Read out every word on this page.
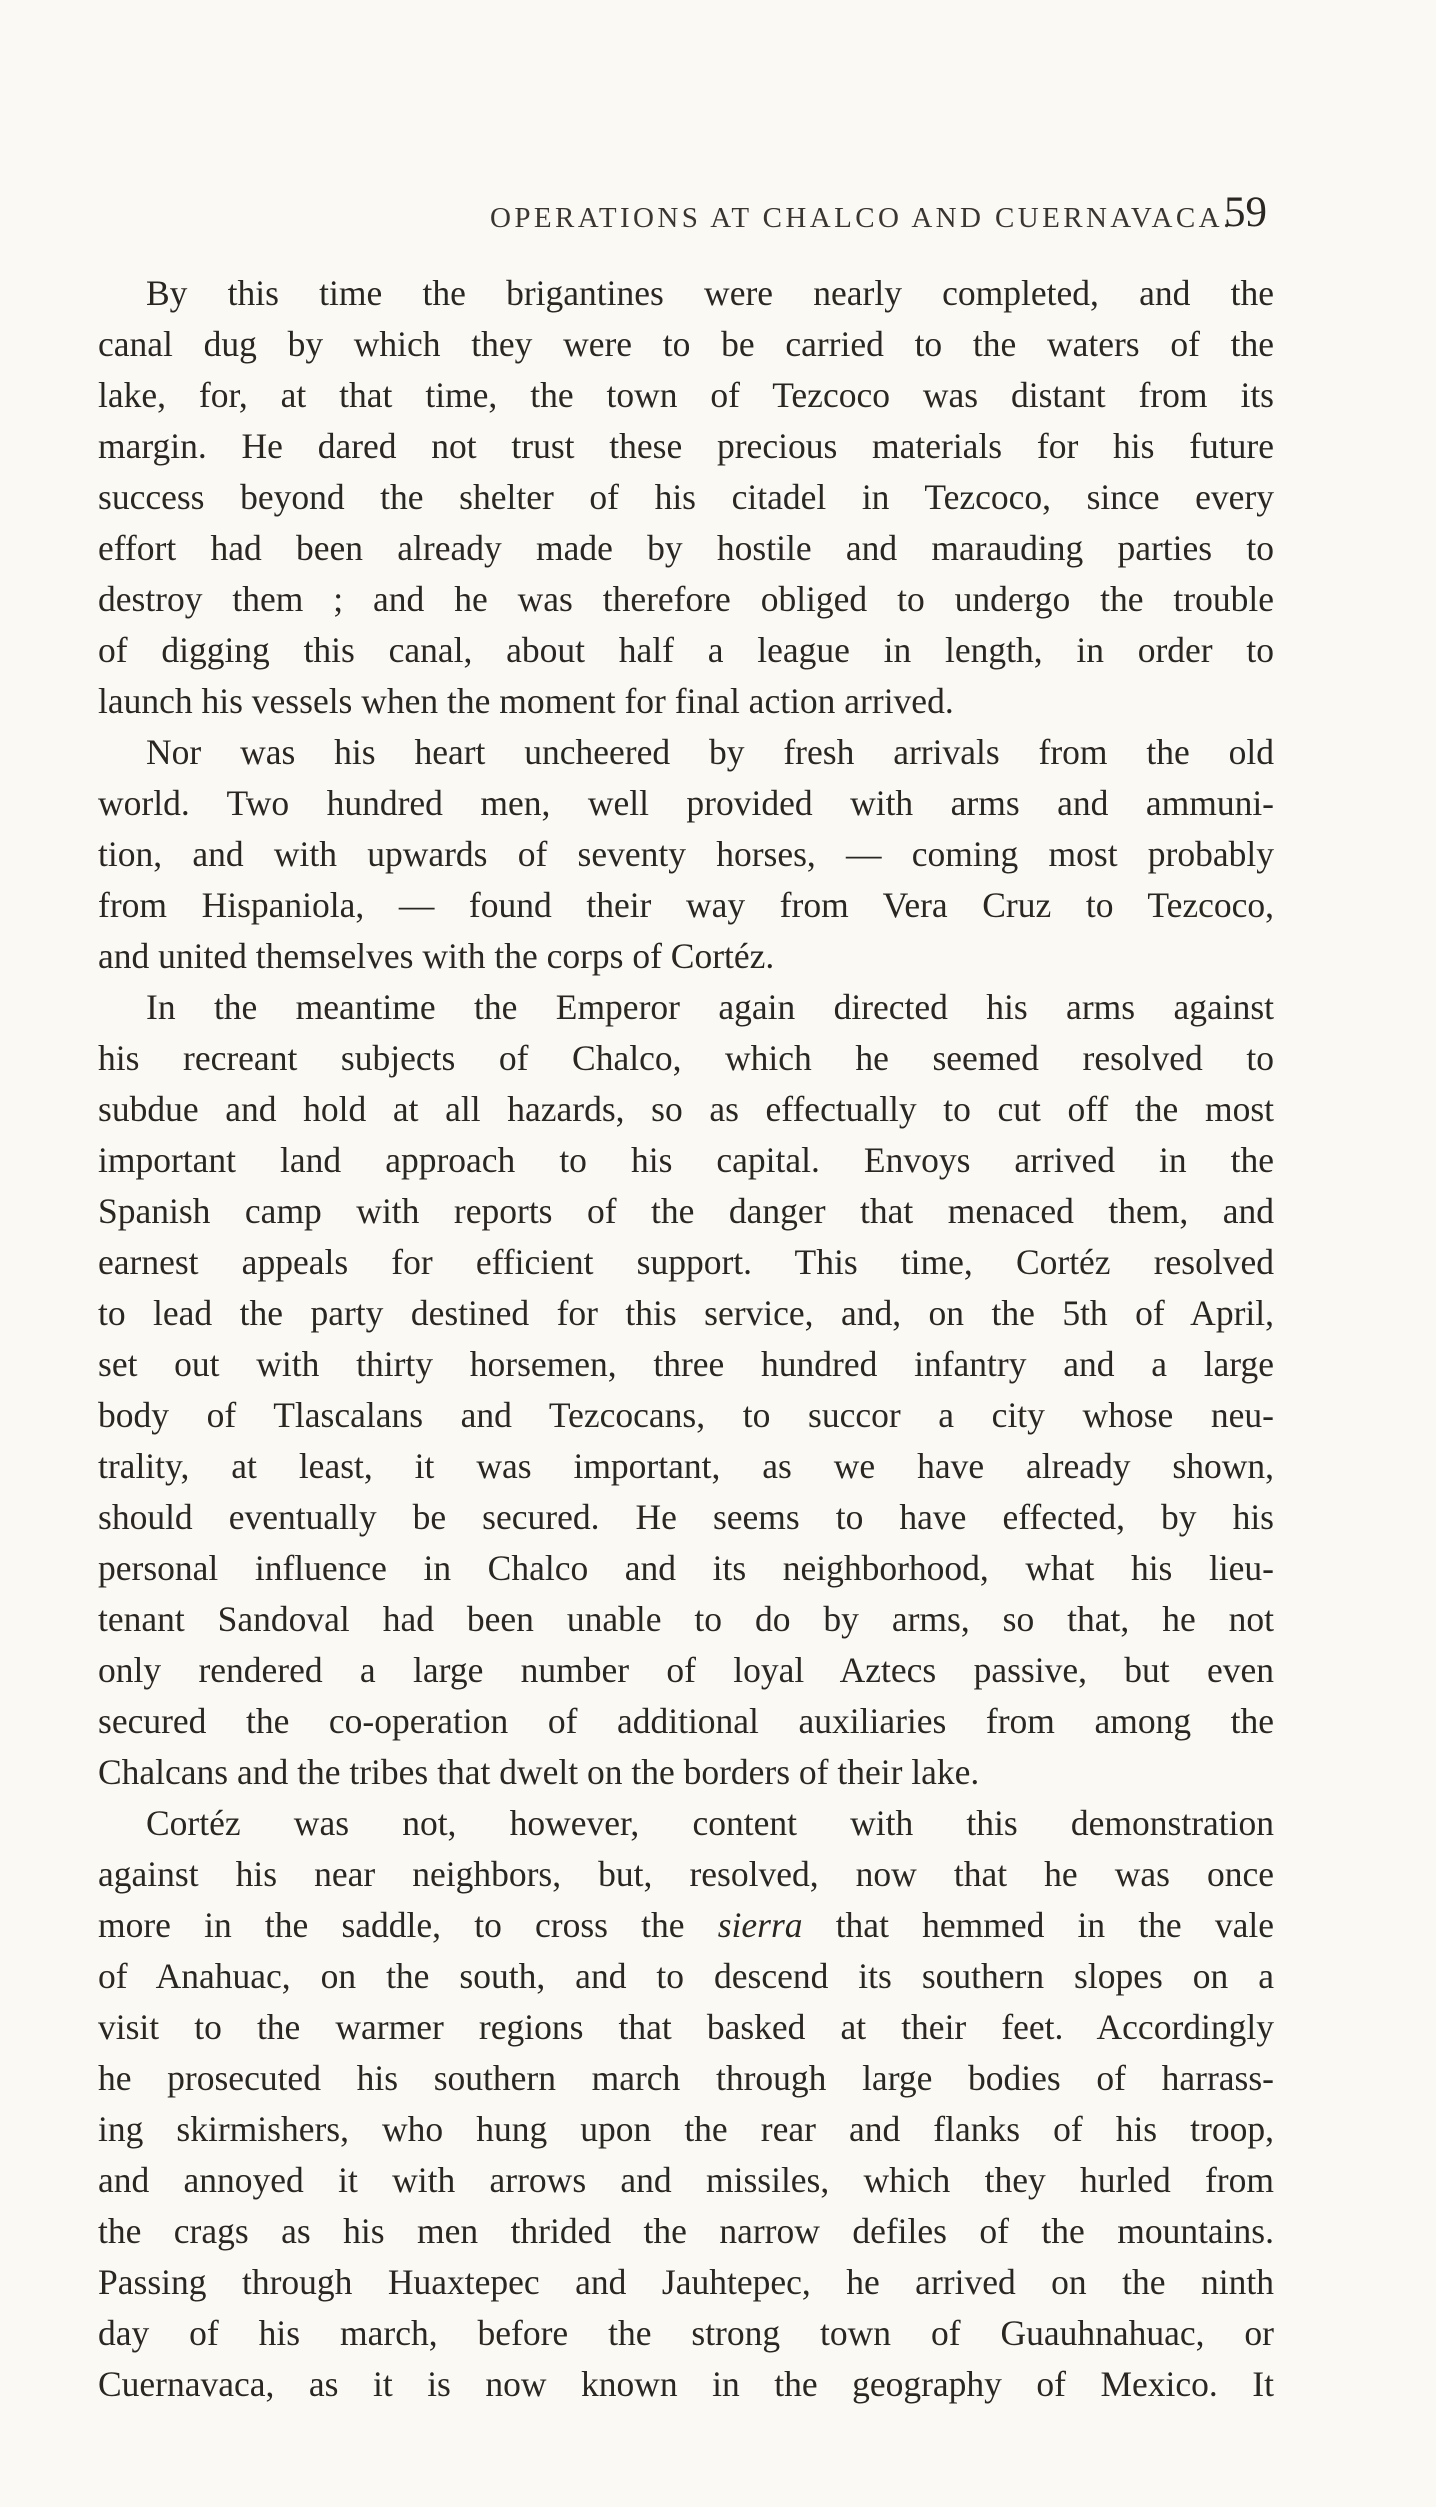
OPERATIONS AT CHALCO AND CUERNAVACA.
59
By this time the brigantines were nearly completed, and the
canal dug by which they were to be carried to the waters of the
lake, for, at that time, the town of Tezcoco was distant from its
margin. He dared not trust these precious materials for his future
success beyond the shelter of his citadel in Tezcoco, since every
effort had been already made by hostile and marauding parties to
destroy them ; and he was therefore obliged to undergo the trouble
of digging this canal, about half a league in length, in order to
launch his vessels when the moment for final action arrived.
Nor was his heart uncheered by fresh arrivals from the old
world. Two hundred men, well provided with arms and ammuni-
tion, and with upwards of seventy horses, — coming most probably
from Hispaniola, — found their way from Vera Cruz to Tezcoco,
and united themselves with the corps of Cortéz.
In the meantime the Emperor again directed his arms against
his recreant subjects of Chalco, which he seemed resolved to
subdue and hold at all hazards, so as effectually to cut off the most
important land approach to his capital. Envoys arrived in the
Spanish camp with reports of the danger that menaced them, and
earnest appeals for efficient support. This time, Cortéz resolved
to lead the party destined for this service, and, on the 5th of April,
set out with thirty horsemen, three hundred infantry and a large
body of Tlascalans and Tezcocans, to succor a city whose neu-
trality, at least, it was important, as we have already shown,
should eventually be secured. He seems to have effected, by his
personal influence in Chalco and its neighborhood, what his lieu-
tenant Sandoval had been unable to do by arms, so that, he not
only rendered a large number of loyal Aztecs passive, but even
secured the co-operation of additional auxiliaries from among the
Chalcans and the tribes that dwelt on the borders of their lake.
Cortéz was not, however, content with this demonstration
against his near neighbors, but, resolved, now that he was once
more in the saddle, to cross the sierra that hemmed in the vale
of Anahuac, on the south, and to descend its southern slopes on a
visit to the warmer regions that basked at their feet. Accordingly
he prosecuted his southern march through large bodies of harrass-
ing skirmishers, who hung upon the rear and flanks of his troop,
and annoyed it with arrows and missiles, which they hurled from
the crags as his men thrided the narrow defiles of the mountains.
Passing through Huaxtepec and Jauhtepec, he arrived on the ninth
day of his march, before the strong town of Guauhnahuac, or
Cuernavaca, as it is now known in the geography of Mexico. It
